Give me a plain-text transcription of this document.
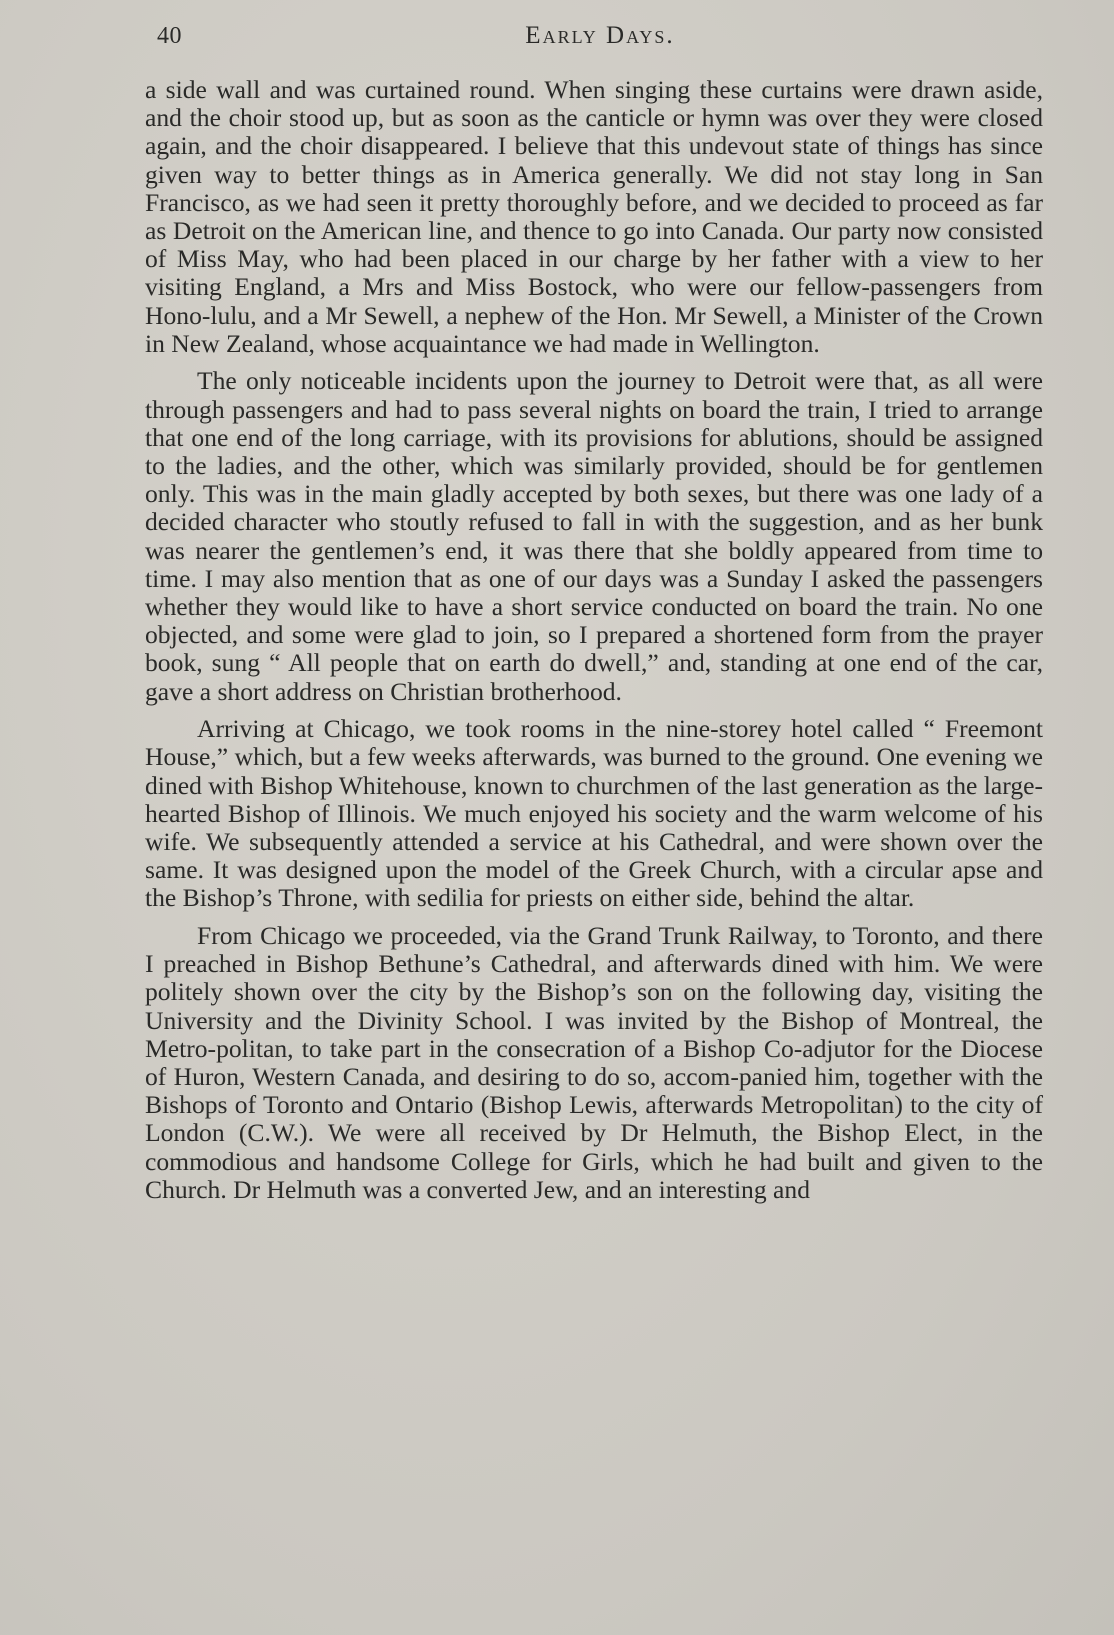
40	Early Days.

a side wall and was curtained round. When singing these curtains were drawn aside, and the choir stood up, but as soon as the canticle or hymn was over they were closed again, and the choir disappeared. I believe that this undevout state of things has since given way to better things as in America generally. We did not stay long in San Francisco, as we had seen it pretty thoroughly before, and we decided to proceed as far as Detroit on the American line, and thence to go into Canada. Our party now consisted of Miss May, who had been placed in our charge by her father with a view to her visiting England, a Mrs and Miss Bostock, who were our fellow-passengers from Hono-lulu, and a Mr Sewell, a nephew of the Hon. Mr Sewell, a Minister of the Crown in New Zealand, whose acquaintance we had made in Wellington.

The only noticeable incidents upon the journey to Detroit were that, as all were through passengers and had to pass several nights on board the train, I tried to arrange that one end of the long carriage, with its provisions for ablutions, should be assigned to the ladies, and the other, which was similarly provided, should be for gentlemen only. This was in the main gladly accepted by both sexes, but there was one lady of a decided character who stoutly refused to fall in with the suggestion, and as her bunk was nearer the gentlemen’s end, it was there that she boldly appeared from time to time. I may also mention that as one of our days was a Sunday I asked the passengers whether they would like to have a short service conducted on board the train. No one objected, and some were glad to join, so I prepared a shortened form from the prayer book, sung “ All people that on earth do dwell,” and, standing at one end of the car, gave a short address on Christian brotherhood.

Arriving at Chicago, we took rooms in the nine-storey hotel called “ Freemont House,” which, but a few weeks afterwards, was burned to the ground. One evening we dined with Bishop Whitehouse, known to churchmen of the last generation as the large-hearted Bishop of Illinois. We much enjoyed his society and the warm welcome of his wife. We subsequently attended a service at his Cathedral, and were shown over the same. It was designed upon the model of the Greek Church, with a circular apse and the Bishop’s Throne, with sedilia for priests on either side, behind the altar.

From Chicago we proceeded, via the Grand Trunk Railway, to Toronto, and there I preached in Bishop Bethune’s Cathedral, and afterwards dined with him. We were politely shown over the city by the Bishop’s son on the following day, visiting the University and the Divinity School. I was invited by the Bishop of Montreal, the Metro-politan, to take part in the consecration of a Bishop Co-adjutor for the Diocese of Huron, Western Canada, and desiring to do so, accom-panied him, together with the Bishops of Toronto and Ontario (Bishop Lewis, afterwards Metropolitan) to the city of London (C.W.). We were all received by Dr Helmuth, the Bishop Elect, in the commodious and handsome College for Girls, which he had built and given to the Church. Dr Helmuth was a converted Jew, and an interesting and
